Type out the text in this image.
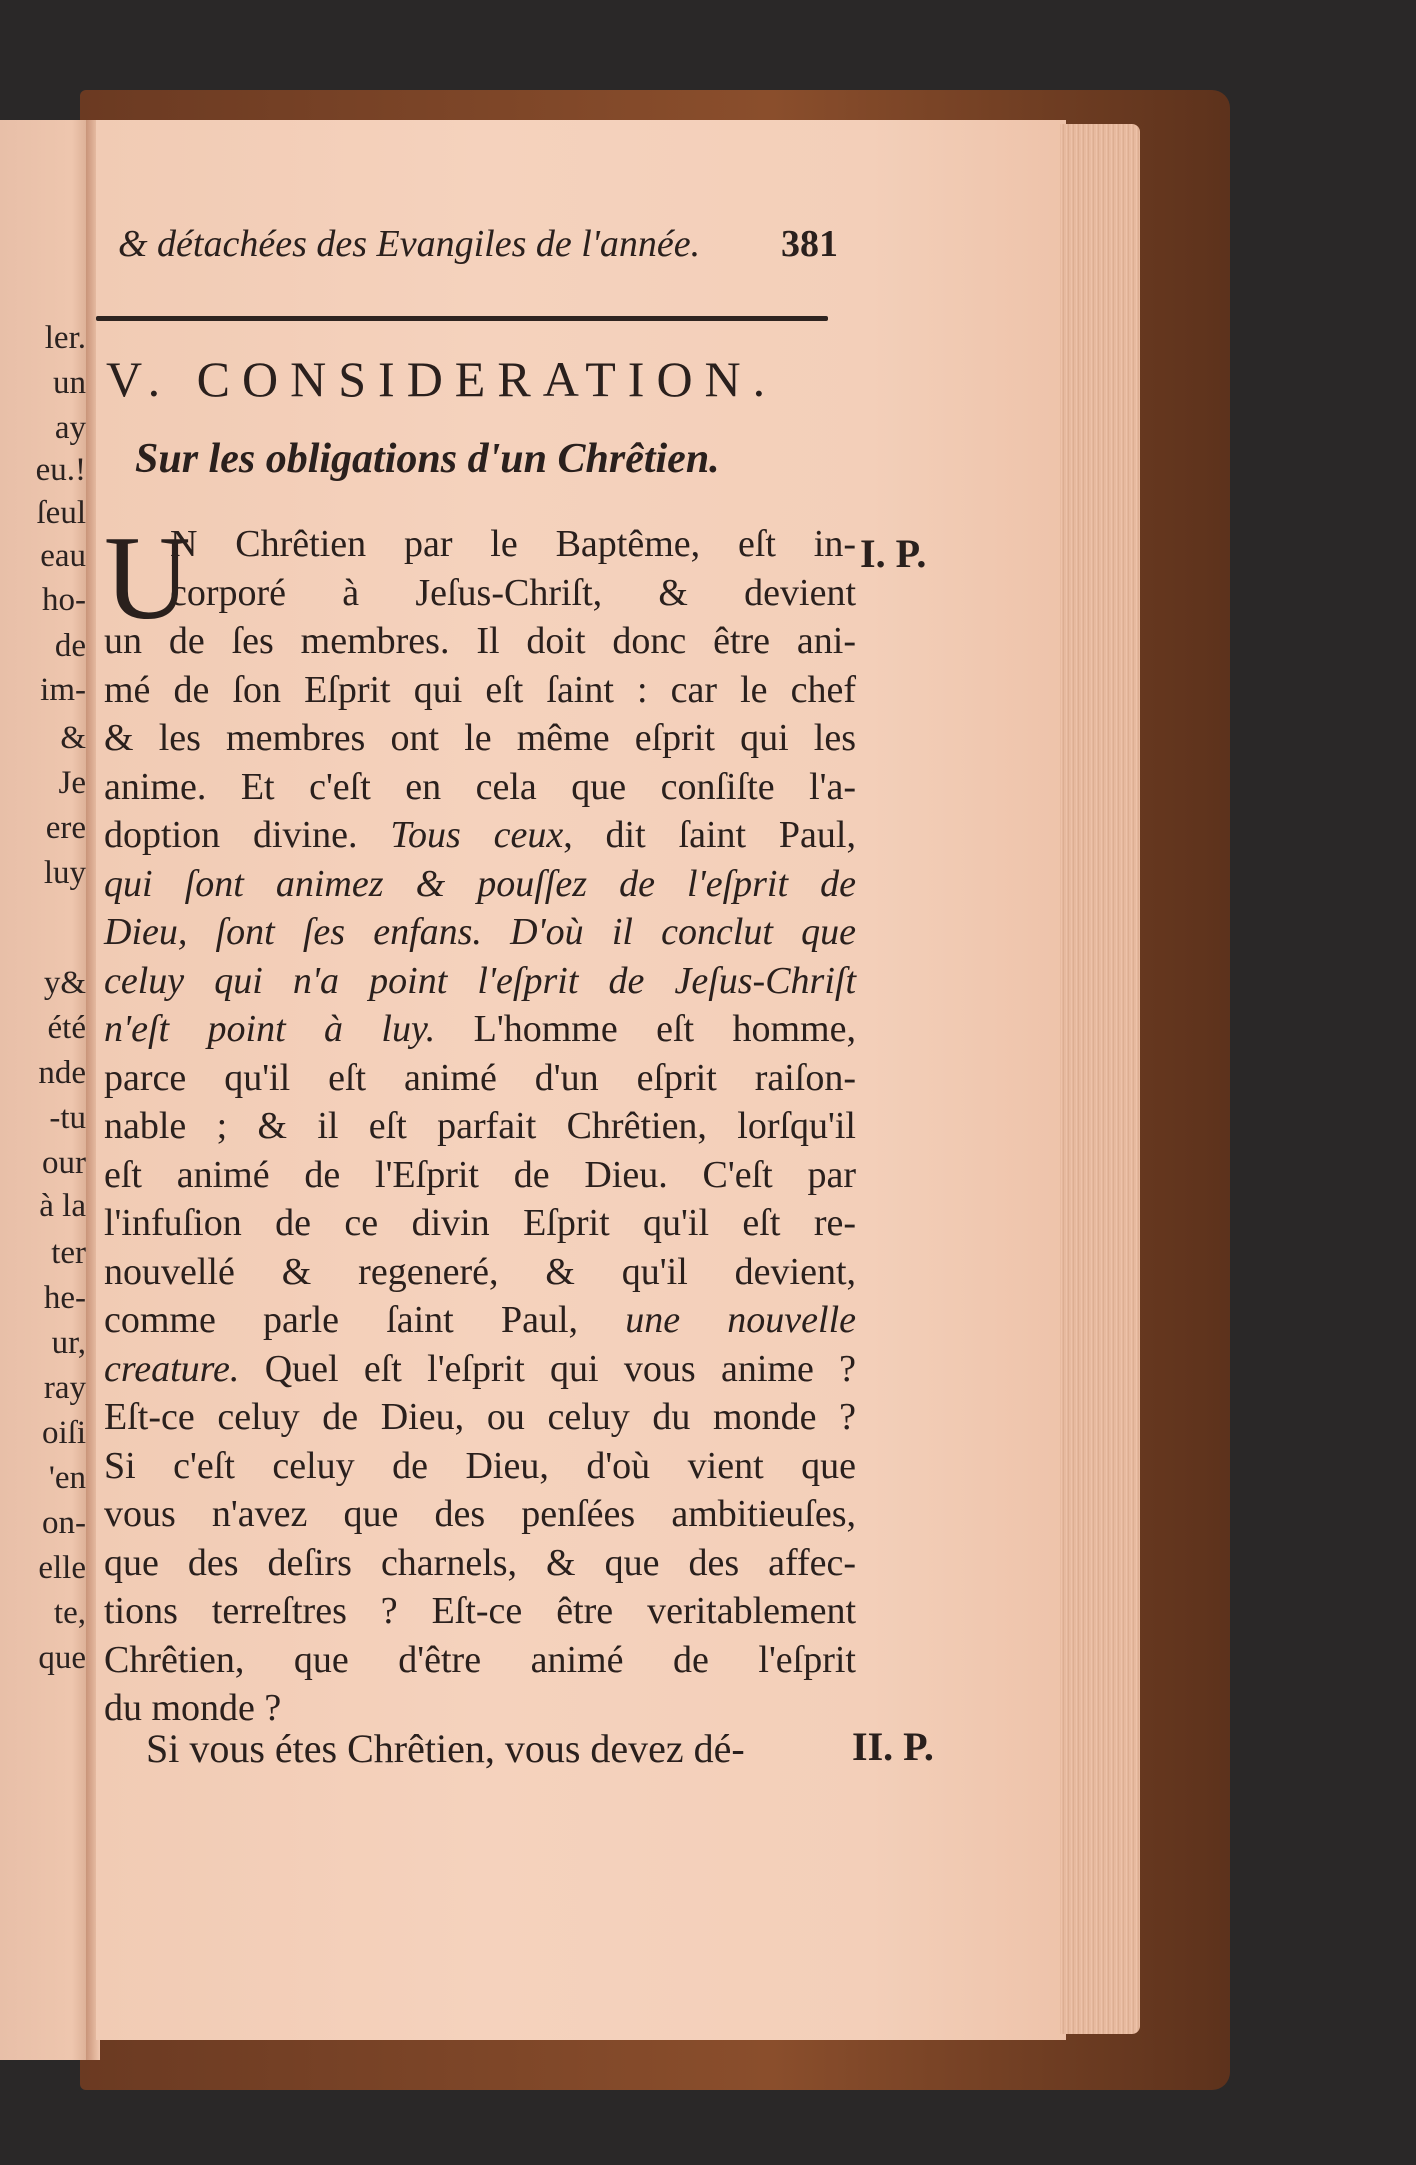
ler.
un
ay
eu.!
ſeul
eau
ho-
de
im-
&
Je
ere
luy
y&
été
nde
-tu
our
à la
ter
he-
ur,
ray
oiſi
'en
on-
elle
te,
que
& détachées des Evangiles de l'année. 381
V. CONSIDERATION.
Sur les obligations d'un Chrêtien.
I. P.
U
N Chrêtien par le Baptême, eſt in-
corporé à Jeſus-Chriſt, & devient
un de ſes membres. Il doit donc être ani-
mé de ſon Eſprit qui eſt ſaint : car le chef
& les membres ont le même eſprit qui les
anime. Et c'eſt en cela que conſiſte l'a-
doption divine. Tous ceux, dit ſaint Paul,
qui ſont animez & pouſſez de l'eſprit de
Dieu, ſont ſes enfans. D'où il conclut que
celuy qui n'a point l'eſprit de Jeſus-Chriſt
n'eſt point à luy. L'homme eſt homme,
parce qu'il eſt animé d'un eſprit raiſon-
nable ; & il eſt parfait Chrêtien, lorſqu'il
eſt animé de l'Eſprit de Dieu. C'eſt par
l'infuſion de ce divin Eſprit qu'il eſt re-
nouvellé & regeneré, & qu'il devient,
comme parle ſaint Paul, une nouvelle
creature. Quel eſt l'eſprit qui vous anime ?
Eſt-ce celuy de Dieu, ou celuy du monde ?
Si c'eſt celuy de Dieu, d'où vient que
vous n'avez que des penſées ambitieuſes,
que des deſirs charnels, & que des affec-
tions terreſtres ? Eſt-ce être veritablement
Chrêtien, que d'être animé de l'eſprit
du monde ?
Si vous étes Chrêtien, vous devez dé-	II. P.
